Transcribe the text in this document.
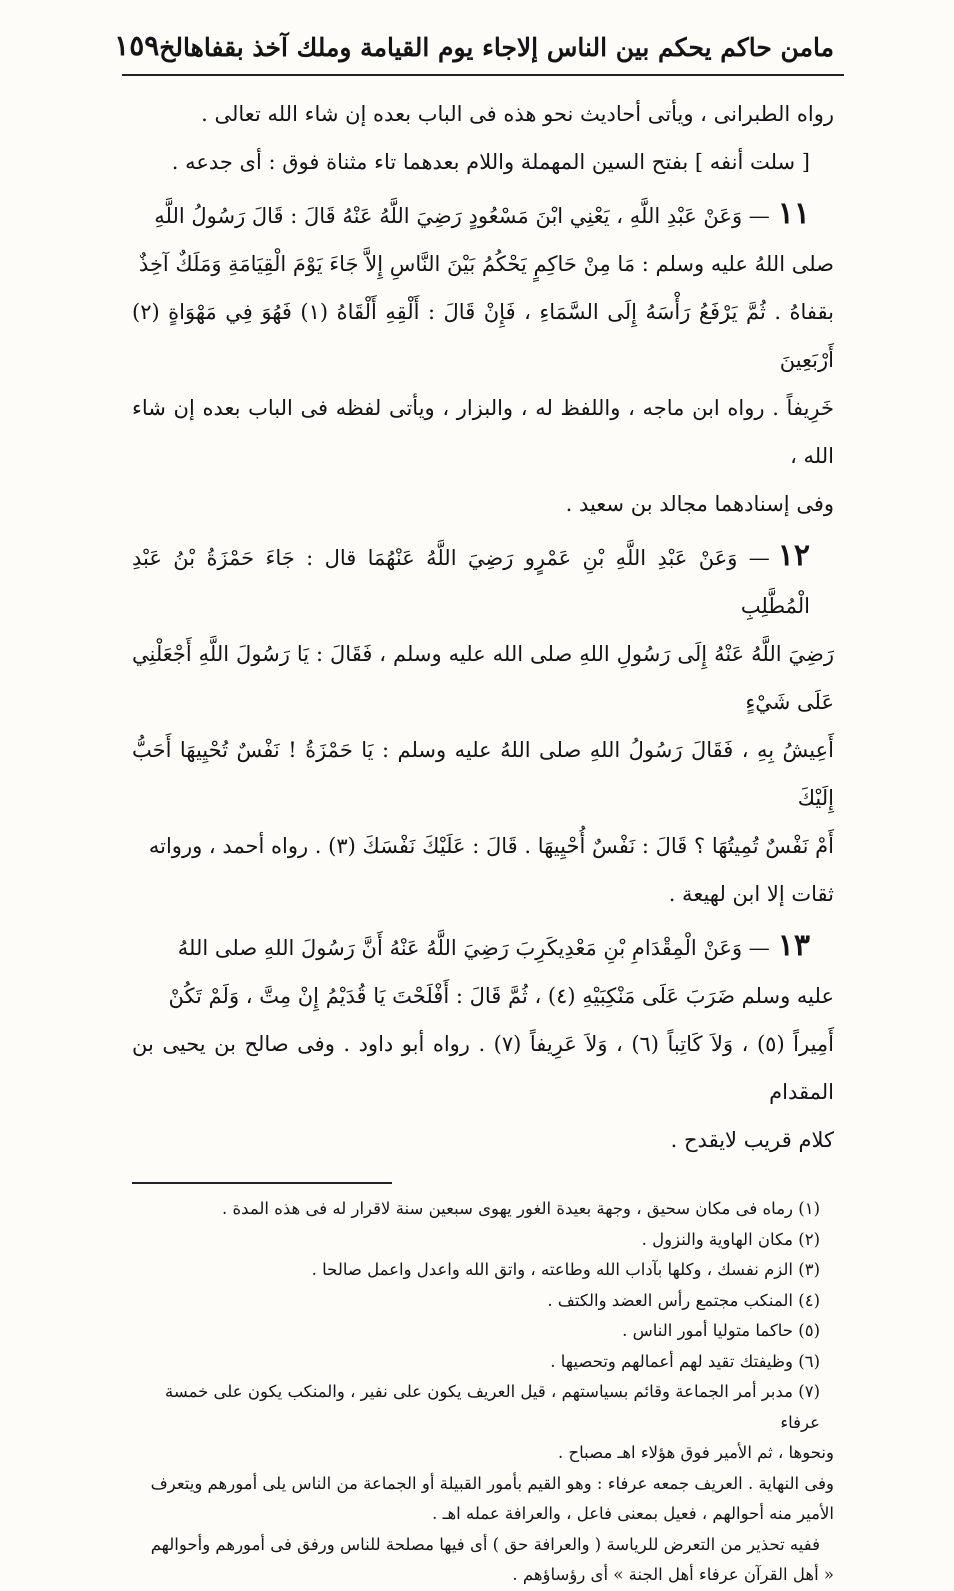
مامن حاكم يحكم بين الناس إلاجاء يوم القيامة وملك آخذ بقفاهالخ
١٥٩

رواه الطبرانى ، ويأتى أحاديث نحو هذه فى الباب بعده إن شاء الله تعالى .

[ سلت أنفه ] بفتح السين المهملة واللام بعدهما تاء مثناة فوق : أى جدعه .

١١— وَعَنْ عَبْدِ اللَّهِ ، يَعْنِي ابْنَ مَسْعُودٍ رَضِيَ اللَّهُ عَنْهُ قَالَ : قَالَ رَسُولُ اللَّهِ

صلى اللهُ عليه وسلم : مَا مِنْ حَاكِمٍ يَحْكُمُ بَيْنَ النَّاسِ إِلاَّ جَاءَ يَوْمَ الْقِيَامَةِ وَمَلَكٌ آخِذٌ

بقفاهُ . ثُمَّ يَرْفَعُ رَأْسَهُ إِلَى السَّمَاءِ ، فَإِنْ قَالَ : أَلْقِهِ أَلْقَاهُ (١) فَهُوَ فِي مَهْوَاةٍ (٢) أَرْبَعِينَ

خَرِيفاً . رواه ابن ماجه ، واللفظ له ، والبزار ، ويأتى لفظه فى الباب بعده إن شاء الله ،

وفى إسنادهما مجالد بن سعيد .

١٢— وَعَنْ عَبْدِ اللَّهِ بْنِ عَمْرٍو رَضِيَ اللَّهُ عَنْهُمَا قال : جَاءَ حَمْزَةُ بْنُ عَبْدِ الْمُطَّلِبِ

رَضِيَ اللَّهُ عَنْهُ إِلَى رَسُولِ اللهِ صلى الله عليه وسلم ، فَقَالَ : يَا رَسُولَ اللَّهِ أَجْعَلْنِي عَلَى شَيْءٍ

أَعِيشُ بِهِ ، فَقَالَ رَسُولُ اللهِ صلى اللهُ عليه وسلم : يَا حَمْزَةُ ! نَفْسٌ تُحْيِيهَا أَحَبُّ إِلَيْكَ

أَمْ نَفْسٌ تُمِيتُهَا ؟ قَالَ : نَفْسٌ أُحْيِيهَا . قَالَ : عَلَيْكَ نَفْسَكَ (٣) . رواه أحمد ، ورواته

ثقات إلا ابن لهيعة .

١٣— وَعَنْ الْمِقْدَامِ بْنِ مَعْدِيكَرِبَ رَضِيَ اللَّهُ عَنْهُ أَنَّ رَسُولَ اللهِ صلى اللهُ

عليه وسلم ضَرَبَ عَلَى مَنْكِبَيْهِ (٤) ، ثُمَّ قَالَ : أَفْلَحْتَ يَا قُدَيْمُ إِنْ مِتَّ ، وَلَمْ تَكُنْ

أَمِيراً (٥) ، وَلاَ كَاتِباً (٦) ، وَلاَ عَرِيفاً (٧) . رواه أبو داود . وفى صالح بن يحيى بن المقدام

كلام قريب لايقدح .

(١) رماه فى مكان سحيق ، وجهة بعيدة الغور يهوى سبعين سنة لاقرار له فى هذه المدة .

(٢) مكان الهاوية والنزول .

(٣) الزم نفسك ، وكلها بآداب الله وطاعته ، واتق الله واعدل واعمل صالحا .

(٤) المنكب مجتمع رأس العضد والكتف .

(٥) حاكما متوليا أمور الناس .

(٦) وظيفتك تقيد لهم أعمالهم وتحصيها .

(٧) مدبر أمر الجماعة وقائم بسياستهم ، قيل العريف يكون على نفير ، والمنكب يكون على خمسة عرفاء

ونحوها ، ثم الأمير فوق هؤلاء اهـ مصباح .

وفى النهاية . العريف جمعه عرفاء : وهو القيم بأمور القبيلة أو الجماعة من الناس يلى أمورهم ويتعرف

الأمير منه أحوالهم ، فعيل بمعنى فاعل ، والعرافة عمله اهـ .

ففيه تحذير من التعرض للرياسة ( والعرافة حق ) أى فيها مصلحة للناس ورفق فى أمورهم وأحوالهم

« أهل القرآن عرفاء أهل الجنة » أى رؤساؤهم .
